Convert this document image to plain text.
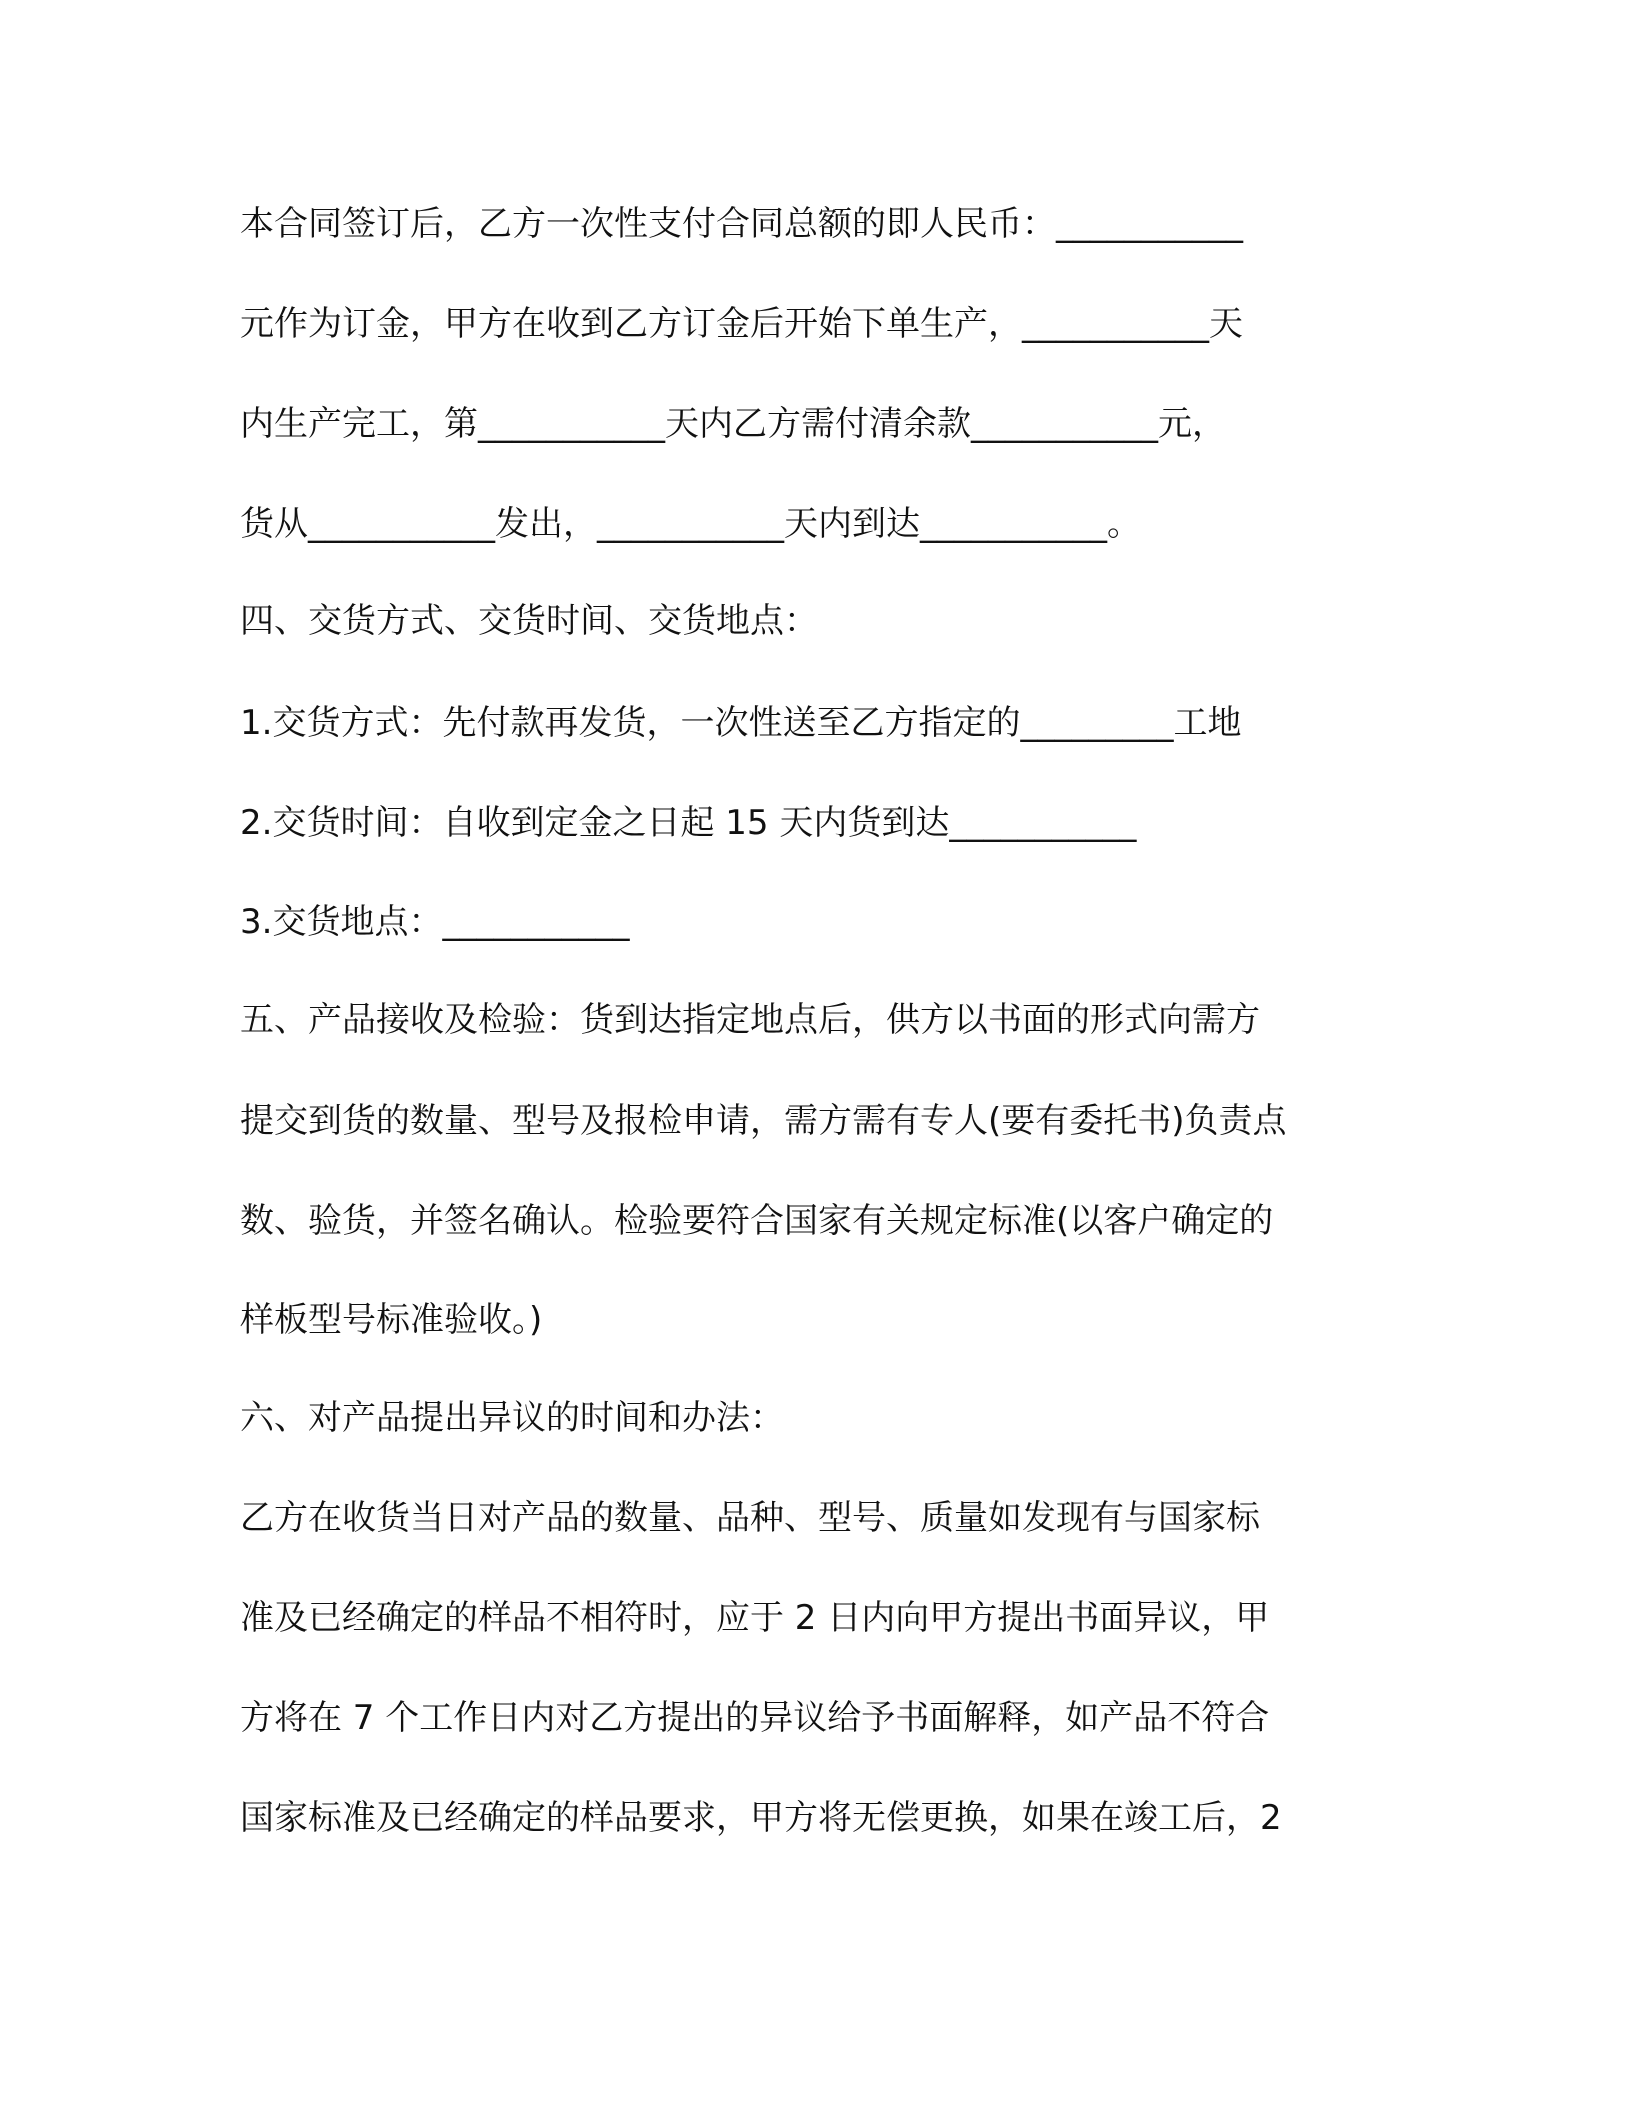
本合同签订后，乙方一次性支付合同总额的即人民币：___________
元作为订金，甲方在收到乙方订金后开始下单生产，___________天
内生产完工，第___________天内乙方需付清余款___________元，
货从___________发出，___________天内到达___________。
四、交货方式、交货时间、交货地点：
1.交货方式：先付款再发货，一次性送至乙方指定的_________工地
2.交货时间：自收到定金之日起 15 天内货到达___________
3.交货地点：___________
五、产品接收及检验：货到达指定地点后，供方以书面的形式向需方
提交到货的数量、型号及报检申请，需方需有专人(要有委托书)负责点
数、验货，并签名确认。检验要符合国家有关规定标准(以客户确定的
样板型号标准验收。)
六、对产品提出异议的时间和办法：
乙方在收货当日对产品的数量、品种、型号、质量如发现有与国家标
准及已经确定的样品不相符时，应于 2 日内向甲方提出书面异议，甲
方将在 7 个工作日内对乙方提出的异议给予书面解释，如产品不符合
国家标准及已经确定的样品要求，甲方将无偿更换，如果在竣工后，2
